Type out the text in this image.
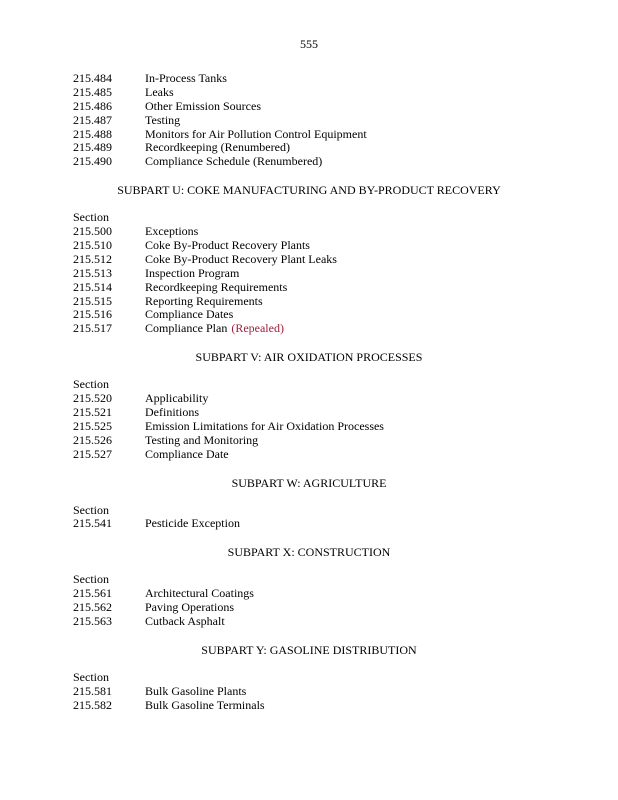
555
215.484	In-Process Tanks
215.485	Leaks
215.486	Other Emission Sources
215.487	Testing
215.488	Monitors for Air Pollution Control Equipment
215.489	Recordkeeping (Renumbered)
215.490	Compliance Schedule (Renumbered)
SUBPART U: COKE MANUFACTURING AND BY-PRODUCT RECOVERY
Section
215.500	Exceptions
215.510	Coke By-Product Recovery Plants
215.512	Coke By-Product Recovery Plant Leaks
215.513	Inspection Program
215.514	Recordkeeping Requirements
215.515	Reporting Requirements
215.516	Compliance Dates
215.517	Compliance Plan (Repealed)
SUBPART V: AIR OXIDATION PROCESSES
Section
215.520	Applicability
215.521	Definitions
215.525	Emission Limitations for Air Oxidation Processes
215.526	Testing and Monitoring
215.527	Compliance Date
SUBPART W: AGRICULTURE
Section
215.541	Pesticide Exception
SUBPART X: CONSTRUCTION
Section
215.561	Architectural Coatings
215.562	Paving Operations
215.563	Cutback Asphalt
SUBPART Y: GASOLINE DISTRIBUTION
Section
215.581	Bulk Gasoline Plants
215.582	Bulk Gasoline Terminals
